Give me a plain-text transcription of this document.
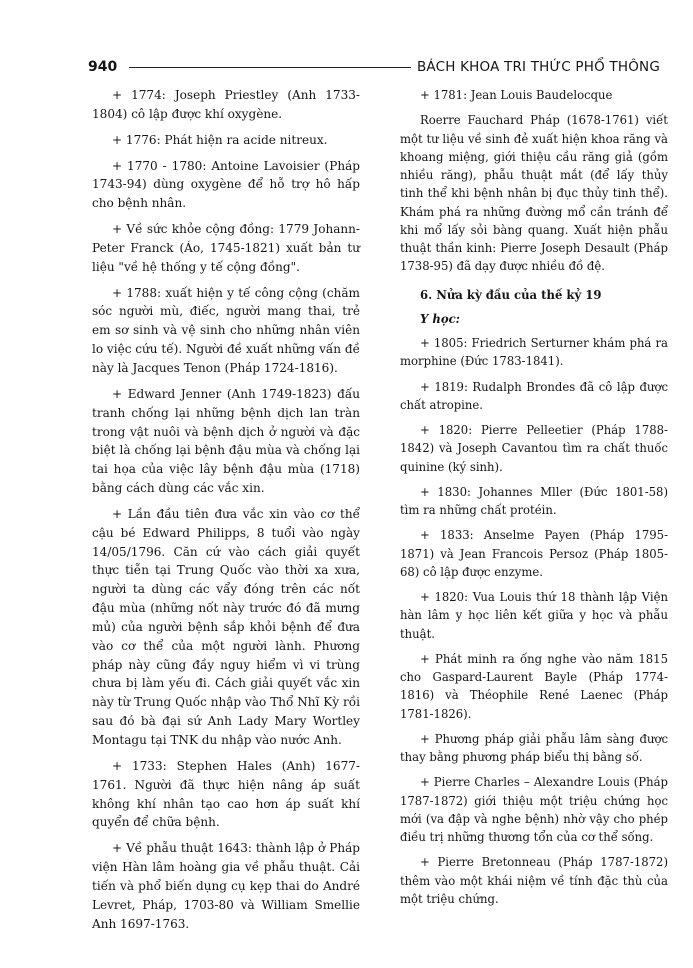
940	BÁCH KHOA TRI THỨC PHỔ THÔNG

+ 1774: Joseph Priestley (Anh 1733-1804) cô lập được khí oxygène.

+ 1776: Phát hiện ra acide nitreux.

+ 1770 - 1780: Antoine Lavoisier (Pháp 1743-94) dùng oxygène để hỗ trợ hô hấp cho bệnh nhân.

+ Về sức khỏe cộng đồng: 1779 Johann-Peter Franck (Áo, 1745-1821) xuất bản tư liệu "về hệ thống y tế cộng đồng".

+ 1788: xuất hiện y tế công cộng (chăm sóc người mù, điếc, người mang thai, trẻ em sơ sinh và vệ sinh cho những nhân viên lo việc cứu tế). Người đề xuất những vấn đề này là Jacques Tenon (Pháp 1724-1816).

+ Edward Jenner (Anh 1749-1823) đấu tranh chống lại những bệnh dịch lan tràn trong vật nuôi và bệnh dịch ở người và đặc biệt là chống lại bệnh đậu mùa và chống lại tai họa của việc lây bệnh đậu mùa (1718) bằng cách dùng các vắc xin.

+ Lần đầu tiên đưa vắc xin vào cơ thể cậu bé Edward Philipps, 8 tuổi vào ngày 14/05/1796. Căn cứ vào cách giải quyết thực tiễn tại Trung Quốc vào thời xa xưa, người ta dùng các vẩy đóng trên các nốt đậu mùa (những nốt này trước đó đã mưng mủ) của người bệnh sắp khỏi bệnh để đưa vào cơ thể của một người lành. Phương pháp này cũng đầy nguy hiểm vì vi trùng chưa bị làm yếu đi. Cách giải quyết vắc xin này từ Trung Quốc nhập vào Thổ Nhĩ Kỳ rồi sau đó bà đại sứ Anh Lady Mary Wortley Montagu tại TNK du nhập vào nước Anh.

+ 1733: Stephen Hales (Anh) 1677-1761. Người đã thực hiện nâng áp suất không khí nhân tạo cao hơn áp suất khí quyển để chữa bệnh.

+ Về phẫu thuật 1643: thành lập ở Pháp viện Hàn lâm hoàng gia về phẫu thuật. Cải tiến và phổ biến dụng cụ kẹp thai do André Levret, Pháp, 1703-80 và William Smellie Anh 1697-1763.

+ 1781: Jean Louis Baudelocque

Roerre Fauchard Pháp (1678-1761) viết một tư liệu về sinh đẻ xuất hiện khoa răng và khoang miệng, giới thiệu cầu răng giả (gồm nhiều răng), phẫu thuật mắt (để lấy thủy tinh thể khi bệnh nhân bị đục thủy tinh thể). Khám phá ra những đường mổ cần tránh để khi mổ lấy sỏi bàng quang. Xuất hiện phẫu thuật thần kinh: Pierre Joseph Desault (Pháp 1738-95) đã dạy được nhiều đồ đệ.

6. Nửa kỳ đầu của thế kỷ 19
Y học:

+ 1805: Friedrich Serturner khám phá ra morphine (Đức 1783-1841).

+ 1819: Rudalph Brondes đã cô lập được chất atropine.

+ 1820: Pierre Pelleetier (Pháp 1788-1842) và Joseph Cavantou tìm ra chất thuốc quinine (ký sinh).

+ 1830: Johannes Mller (Đức 1801-58) tìm ra những chất protéin.

+ 1833: Anselme Payen (Pháp 1795-1871) và Jean Francois Persoz (Pháp 1805-68) cô lập được enzyme.

+ 1820: Vua Louis thứ 18 thành lập Viện hàn lâm y học liên kết giữa y học và phẫu thuật.

+ Phát minh ra ống nghe vào năm 1815 cho Gaspard-Laurent Bayle (Pháp 1774-1816) và Théophile René Laenec (Pháp 1781-1826).

+ Phương pháp giải phẫu lâm sàng được thay bằng phương pháp biểu thị bằng số.

+ Pierre Charles – Alexandre Louis (Pháp 1787-1872) giới thiệu một triệu chứng học mới (va đập và nghe bệnh) nhờ vậy cho phép điều trị những thương tổn của cơ thể sống.

+ Pierre Bretonneau (Pháp 1787-1872) thêm vào một khái niệm về tính đặc thù của một triệu chứng.
